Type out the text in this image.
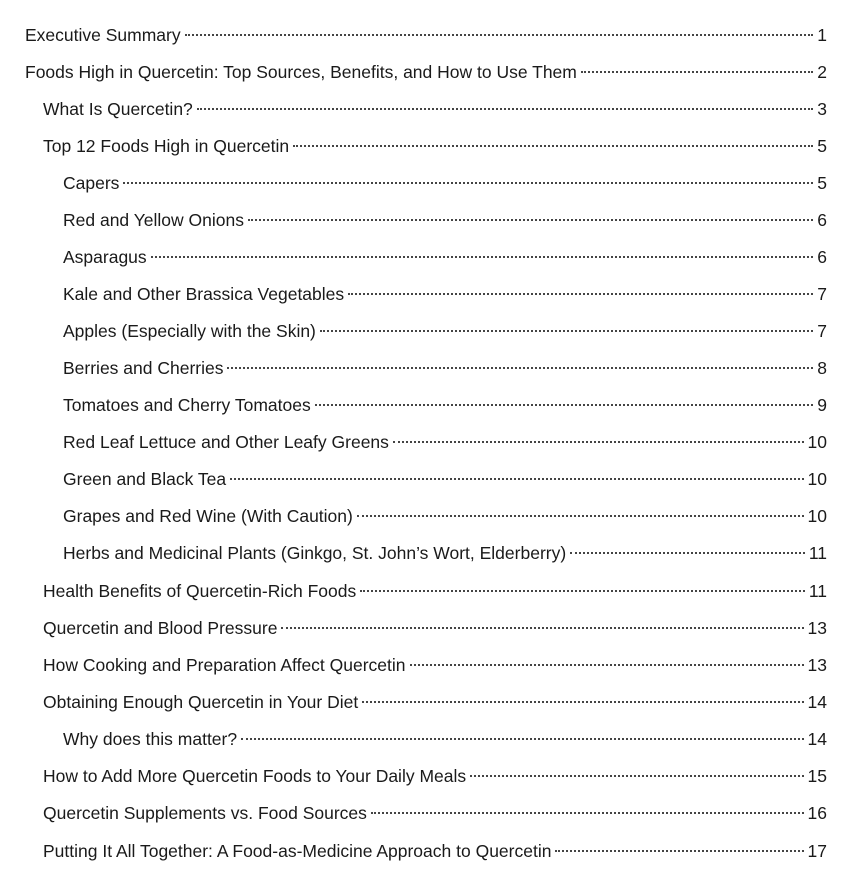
Executive Summary	1
Foods High in Quercetin: Top Sources, Benefits, and How to Use Them	2
What Is Quercetin?	3
Top 12 Foods High in Quercetin	5
Capers	5
Red and Yellow Onions	6
Asparagus	6
Kale and Other Brassica Vegetables	7
Apples (Especially with the Skin)	7
Berries and Cherries	8
Tomatoes and Cherry Tomatoes	9
Red Leaf Lettuce and Other Leafy Greens	10
Green and Black Tea	10
Grapes and Red Wine (With Caution)	10
Herbs and Medicinal Plants (Ginkgo, St. John’s Wort, Elderberry)	11
Health Benefits of Quercetin-Rich Foods	11
Quercetin and Blood Pressure	13
How Cooking and Preparation Affect Quercetin	13
Obtaining Enough Quercetin in Your Diet	14
Why does this matter?	14
How to Add More Quercetin Foods to Your Daily Meals	15
Quercetin Supplements vs. Food Sources	16
Putting It All Together: A Food-as-Medicine Approach to Quercetin	17
